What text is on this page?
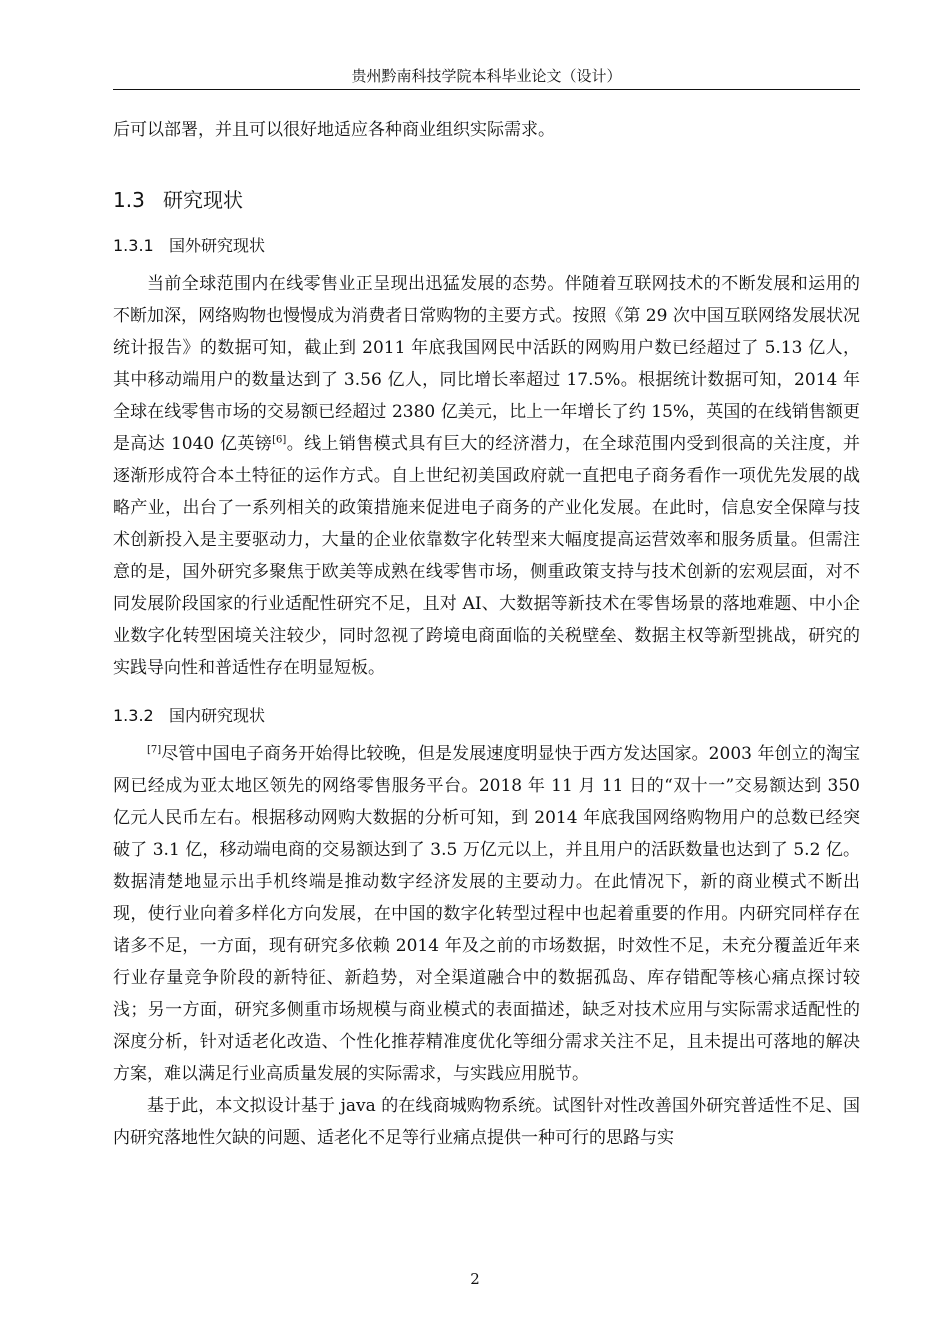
贵州黔南科技学院本科毕业论文（设计）

后可以部署，并且可以很好地适应各种商业组织实际需求。

1.3 研究现状
1.3.1 国外研究现状

当前全球范围内在线零售业正呈现出迅猛发展的态势。伴随着互联网技术的不断发展和运用的不断加深，网络购物也慢慢成为消费者日常购物的主要方式。按照《第 29 次中国互联网络发展状况统计报告》的数据可知，截止到 2011 年底我国网民中活跃的网购用户数已经超过了 5.13 亿人，其中移动端用户的数量达到了 3.56 亿人，同比增长率超过 17.5%。根据统计数据可知，2014 年全球在线零售市场的交易额已经超过 2380 亿美元，比上一年增长了约 15%，英国的在线销售额更是高达 1040 亿英镑[6]。线上销售模式具有巨大的经济潜力，在全球范围内受到很高的关注度，并逐渐形成符合本土特征的运作方式。自上世纪初美国政府就一直把电子商务看作一项优先发展的战略产业，出台了一系列相关的政策措施来促进电子商务的产业化发展。在此时，信息安全保障与技术创新投入是主要驱动力，大量的企业依靠数字化转型来大幅度提高运营效率和服务质量。但需注意的是，国外研究多聚焦于欧美等成熟在线零售市场，侧重政策支持与技术创新的宏观层面，对不同发展阶段国家的行业适配性研究不足，且对 AI、大数据等新技术在零售场景的落地难题、中小企业数字化转型困境关注较少，同时忽视了跨境电商面临的关税壁垒、数据主权等新型挑战，研究的实践导向性和普适性存在明显短板。

1.3.2 国内研究现状

[7]尽管中国电子商务开始得比较晚，但是发展速度明显快于西方发达国家。2003 年创立的淘宝网已经成为亚太地区领先的网络零售服务平台。2018 年 11 月 11 日的“双十一”交易额达到 350 亿元人民币左右。根据移动网购大数据的分析可知，到 2014 年底我国网络购物用户的总数已经突破了 3.1 亿，移动端电商的交易额达到了 3.5 万亿元以上，并且用户的活跃数量也达到了 5.2 亿。数据清楚地显示出手机终端是推动数字经济发展的主要动力。在此情况下，新的商业模式不断出现，使行业向着多样化方向发展，在中国的数字化转型过程中也起着重要的作用。内研究同样存在诸多不足，一方面，现有研究多依赖 2014 年及之前的市场数据，时效性不足，未充分覆盖近年来行业存量竞争阶段的新特征、新趋势，对全渠道融合中的数据孤岛、库存错配等核心痛点探讨较浅；另一方面，研究多侧重市场规模与商业模式的表面描述，缺乏对技术应用与实际需求适配性的深度分析，针对适老化改造、个性化推荐精准度优化等细分需求关注不足，且未提出可落地的解决方案，难以满足行业高质量发展的实际需求，与实践应用脱节。

基于此，本文拟设计基于 java 的在线商城购物系统。试图针对性改善国外研究普适性不足、国内研究落地性欠缺的问题、适老化不足等行业痛点提供一种可行的思路与实

2
